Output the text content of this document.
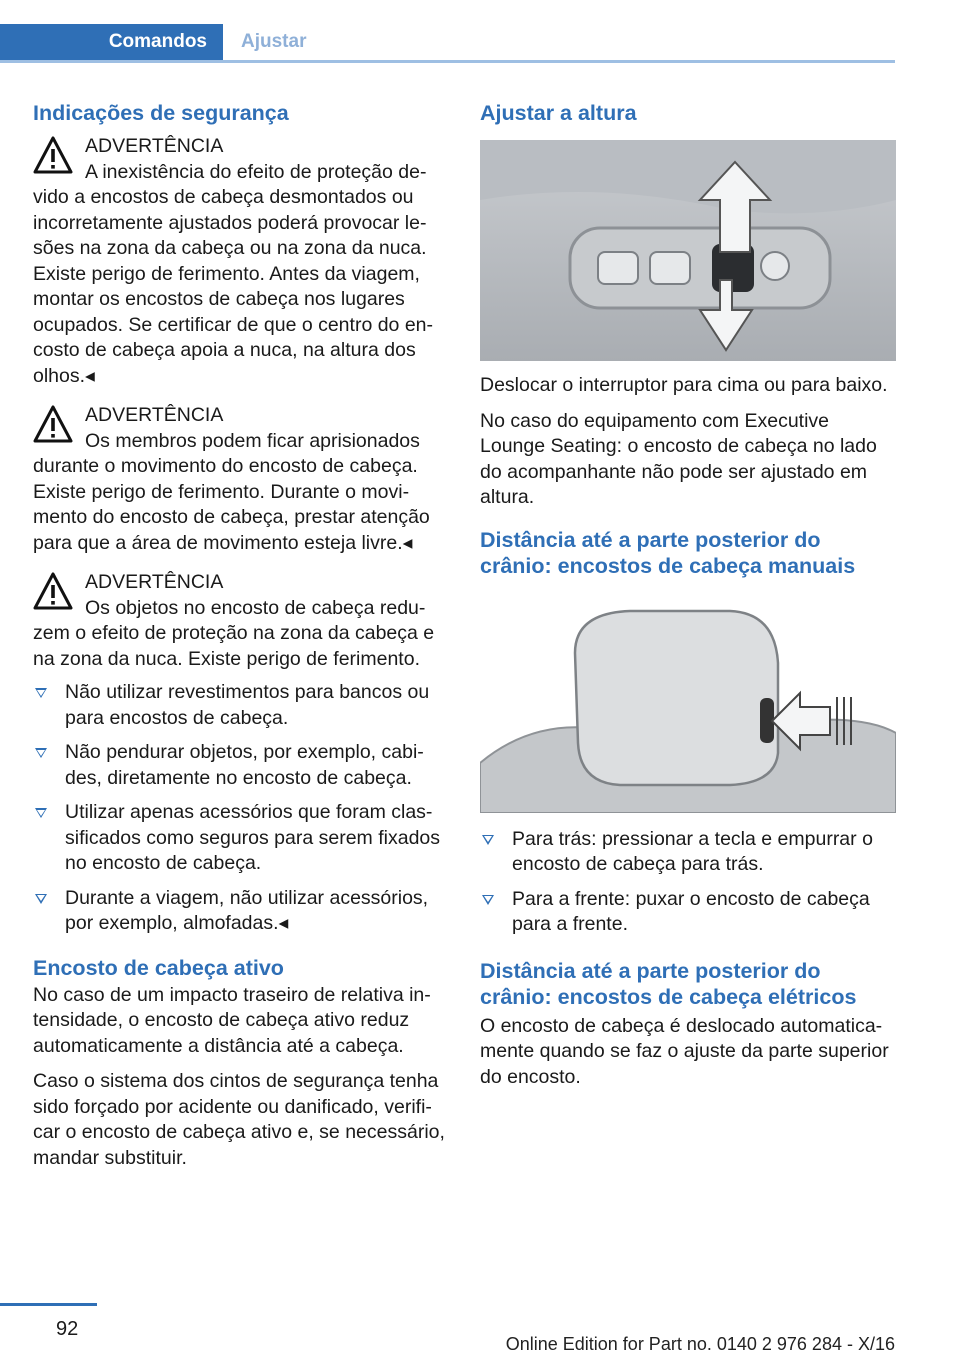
Comandos	Ajustar
Indicações de segurança
ADVERTÊNCIA
A inexistência do efeito de proteção de-
vido a encostos de cabeça desmontados ou incorretamente ajustados poderá provocar le-sões na zona da cabeça ou na zona da nuca. Existe perigo de ferimento. Antes da viagem, montar os encostos de cabeça nos lugares ocupados. Se certificar de que o centro do en-costo de cabeça apoia a nuca, na altura dos olhos.◂
ADVERTÊNCIA
Os membros podem ficar aprisionados
durante o movimento do encosto de cabeça. Existe perigo de ferimento. Durante o movi-mento do encosto de cabeça, prestar atenção para que a área de movimento esteja livre.◂
ADVERTÊNCIA
Os objetos no encosto de cabeça redu-
zem o efeito de proteção na zona da cabeça e na zona da nuca. Existe perigo de ferimento.
Não utilizar revestimentos para bancos ou para encostos de cabeça.
Não pendurar objetos, por exemplo, cabi-des, diretamente no encosto de cabeça.
Utilizar apenas acessórios que foram clas-sificados como seguros para serem fixados no encosto de cabeça.
Durante a viagem, não utilizar acessórios, por exemplo, almofadas.◂
Encosto de cabeça ativo

No caso de um impacto traseiro de relativa in-tensidade, o encosto de cabeça ativo reduz automaticamente a distância até a cabeça.

Caso o sistema dos cintos de segurança tenha sido forçado por acidente ou danificado, verifi-car o encosto de cabeça ativo e, se necessário, mandar substituir.

Ajustar a altura

Deslocar o interruptor para cima ou para baixo.

No caso do equipamento com Executive Lounge Seating: o encosto de cabeça no lado do acompanhante não pode ser ajustado em altura.

Distância até a parte posterior do crânio: encostos de cabeça manuais
Para trás: pressionar a tecla e empurrar o encosto de cabeça para trás.
Para a frente: puxar o encosto de cabeça para a frente.
Distância até a parte posterior do crânio: encostos de cabeça elétricos

O encosto de cabeça é deslocado automatica-mente quando se faz o ajuste da parte superior do encosto.

92
Online Edition for Part no. 0140 2 976 284 - X/16
